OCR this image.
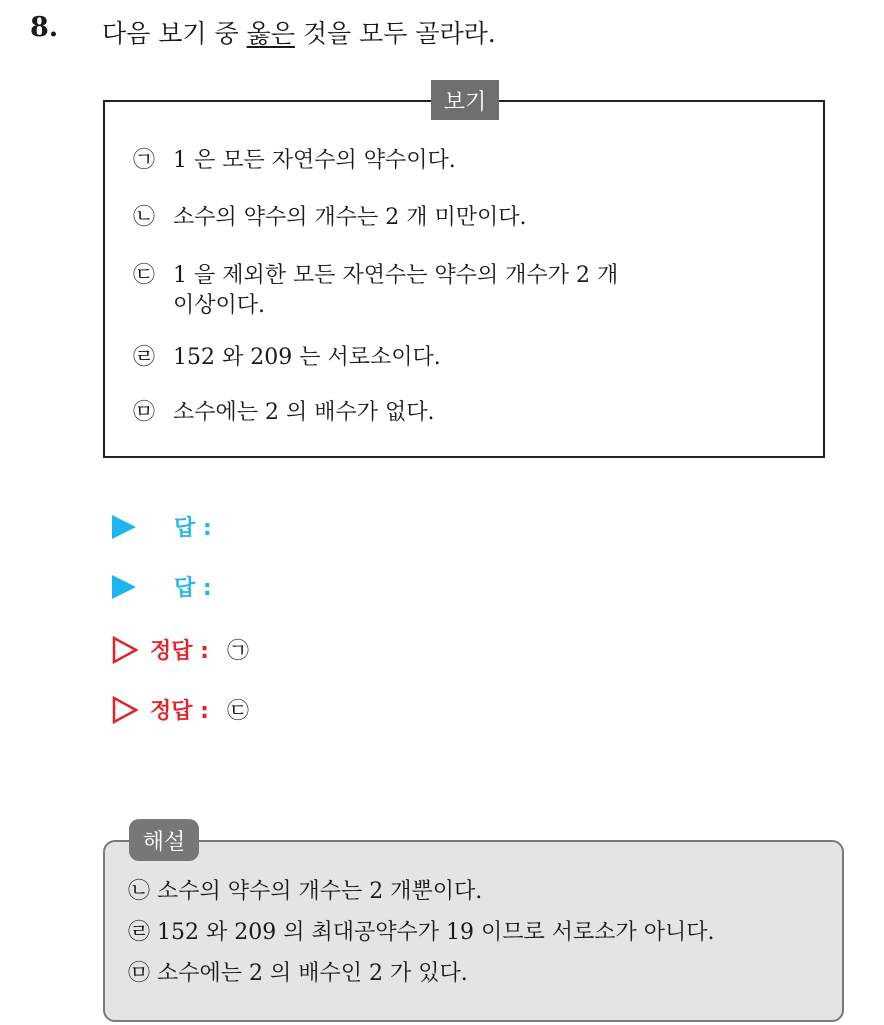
8. 다음 보기 중 옳은 것을 모두 골라라.
보기
㉠ 1 은 모든 자연수의 약수이다.
㉡ 소수의 약수의 개수는 2 개 미만이다.
㉢ 1 을 제외한 모든 자연수는 약수의 개수가 2 개
이상이다.
㉣ 152 와 209 는 서로소이다.
㉤ 소수에는 2 의 배수가 없다.
답 :
답 :
정답 : ㉠
정답 : ㉢
해설
㉡ 소수의 약수의 개수는 2 개뿐이다.
㉣ 152 와 209 의 최대공약수가 19 이므로 서로소가 아니다.
㉤ 소수에는 2 의 배수인 2 가 있다.
